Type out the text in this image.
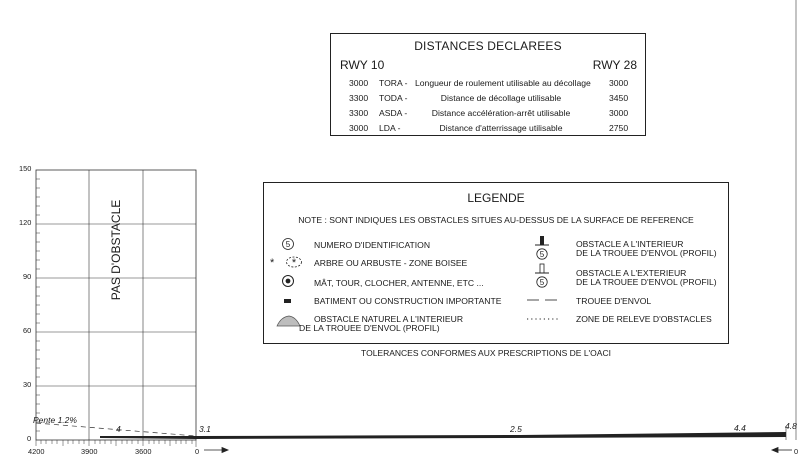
DISTANCES DECLAREES
RWY 10	RWY 28
3000 TORA - Longueur de roulement utilisable au décollage 3000
3300 TODA -	Distance de décollage utilisable	3450
3300 ASDA -	Distance accélération-arrêt utilisable	3000
3000 LDA -	Distance d'atterrissage utilisable	2750
LEGENDE
NOTE : SONT INDIQUES LES OBSTACLES SITUES AU-DESSUS DE LA SURFACE DE REFERENCE
5	NUMERO D'IDENTIFICATION
* * ARBRE OU ARBUSTE - ZONE BOISEE
MÂT, TOUR, CLOCHER, ANTENNE, ETC ...
BATIMENT OU CONSTRUCTION IMPORTANTE
OBSTACLE NATUREL A L'INTERIEUR
DE LA TROUEE D'ENVOL (PROFIL)
5
OBSTACLE A L'INTERIEUR
DE LA TROUEE D'ENVOL (PROFIL)
5
OBSTACLE A L'EXTERIEUR
DE LA TROUEE D'ENVOL (PROFIL)
TROUEE D'ENVOL
ZONE DE RELEVE D'OBSTACLES
TOLERANCES CONFORMES AUX PRESCRIPTIONS DE L'OACI
150
120
90
60
30
0
4200	3900	3600	0	0
PAS D'OBSTACLE
Pente 1.2%
4	3.1	2.5	4.4	4.8
